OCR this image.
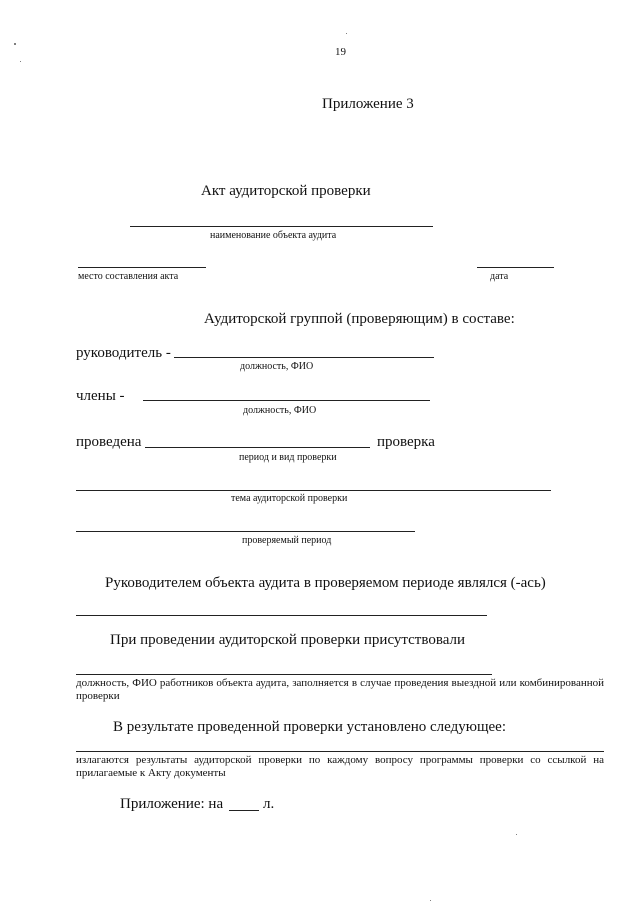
19
Приложение 3
Акт аудиторской проверки
наименование объекта аудита
место составления акта	дата
Аудиторской группой (проверяющим) в составе:
руководитель -
должность, ФИО
члены -
должность, ФИО
проведена	проверка
период и вид проверки
тема аудиторской проверки
проверяемый период
Руководителем объекта аудита в проверяемом периоде являлся (-ась)
При проведении аудиторской проверки присутствовали
должность, ФИО работников объекта аудита, заполняется в случае проведения выездной или комбинированной проверки
В результате проведенной проверки установлено следующее:
излагаются результаты аудиторской проверки по каждому вопросу программы проверки со ссылкой на прилагаемые к Акту документы
Приложение: на	л.
